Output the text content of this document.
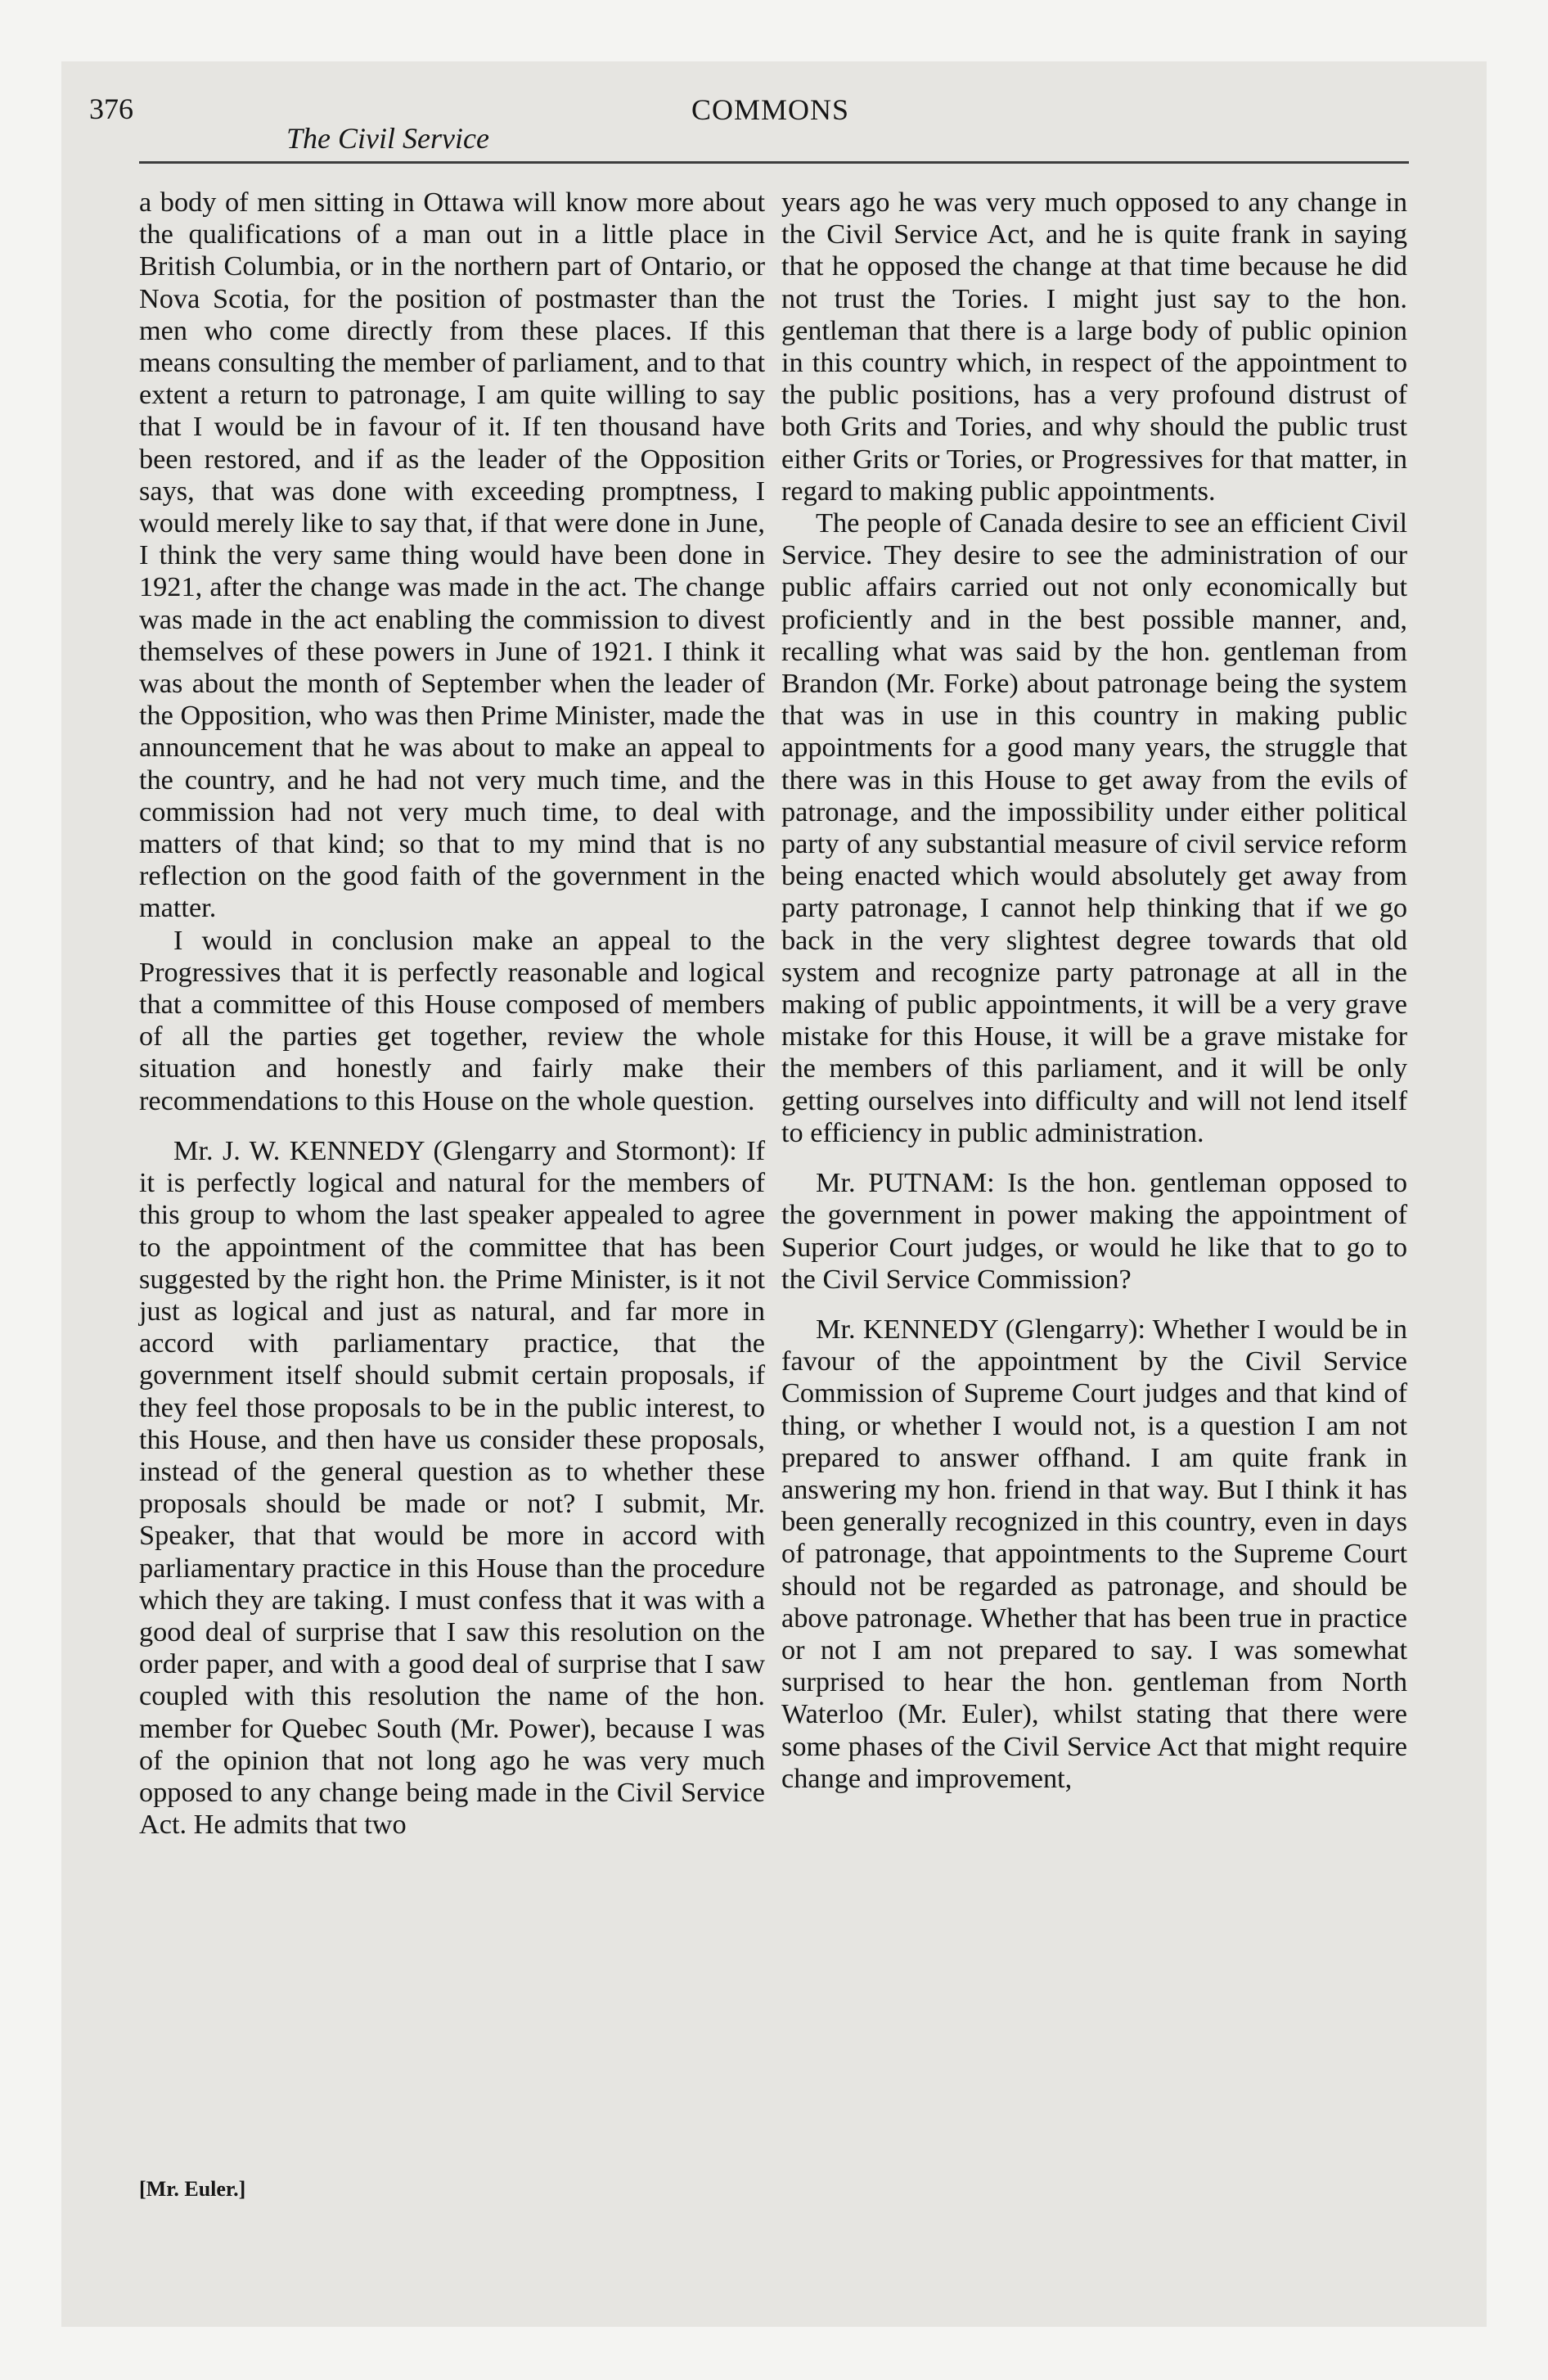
376
The Civil Service
COMMONS

a body of men sitting in Ottawa will know more about the qualifications of a man out in a little place in British Columbia, or in the northern part of Ontario, or Nova Scotia, for the position of postmaster than the men who come directly from these places. If this means consulting the member of parliament, and to that extent a return to patronage, I am quite willing to say that I would be in favour of it. If ten thousand have been restored, and if as the leader of the Opposition says, that was done with exceeding promptness, I would merely like to say that, if that were done in June, I think the very same thing would have been done in 1921, after the change was made in the act. The change was made in the act enabling the commission to divest themselves of these powers in June of 1921. I think it was about the month of September when the leader of the Opposition, who was then Prime Minister, made the announcement that he was about to make an appeal to the country, and he had not very much time, and the commission had not very much time, to deal with matters of that kind; so that to my mind that is no reflection on the good faith of the government in the matter.

I would in conclusion make an appeal to the Progressives that it is perfectly reasonable and logical that a committee of this House composed of members of all the parties get together, review the whole situation and honestly and fairly make their recommendations to this House on the whole question.

Mr. J. W. KENNEDY (Glengarry and Stormont): If it is perfectly logical and natural for the members of this group to whom the last speaker appealed to agree to the appointment of the committee that has been suggested by the right hon. the Prime Minister, is it not just as logical and just as natural, and far more in accord with parliamentary practice, that the government itself should submit certain proposals, if they feel those proposals to be in the public interest, to this House, and then have us consider these proposals, instead of the general question as to whether these proposals should be made or not? I submit, Mr. Speaker, that that would be more in accord with parliamentary practice in this House than the procedure which they are taking. I must confess that it was with a good deal of surprise that I saw this resolution on the order paper, and with a good deal of surprise that I saw coupled with this resolution the name of the hon. member for Quebec South (Mr. Power), because I was of the opinion that not long ago he was very much opposed to any change being made in the Civil Service Act. He admits that two

years ago he was very much opposed to any change in the Civil Service Act, and he is quite frank in saying that he opposed the change at that time because he did not trust the Tories. I might just say to the hon. gentleman that there is a large body of public opinion in this country which, in respect of the appointment to the public positions, has a very profound distrust of both Grits and Tories, and why should the public trust either Grits or Tories, or Progressives for that matter, in regard to making public appointments.

The people of Canada desire to see an efficient Civil Service. They desire to see the administration of our public affairs carried out not only economically but proficiently and in the best possible manner, and, recalling what was said by the hon. gentleman from Brandon (Mr. Forke) about patronage being the system that was in use in this country in making public appointments for a good many years, the struggle that there was in this House to get away from the evils of patronage, and the impossibility under either political party of any substantial measure of civil service reform being enacted which would absolutely get away from party patronage, I cannot help thinking that if we go back in the very slightest degree towards that old system and recognize party patronage at all in the making of public appointments, it will be a very grave mistake for this House, it will be a grave mistake for the members of this parliament, and it will be only getting ourselves into difficulty and will not lend itself to efficiency in public administration.

Mr. PUTNAM: Is the hon. gentleman opposed to the government in power making the appointment of Superior Court judges, or would he like that to go to the Civil Service Commission?

Mr. KENNEDY (Glengarry): Whether I would be in favour of the appointment by the Civil Service Commission of Supreme Court judges and that kind of thing, or whether I would not, is a question I am not prepared to answer offhand. I am quite frank in answering my hon. friend in that way. But I think it has been generally recognized in this country, even in days of patronage, that appointments to the Supreme Court should not be regarded as patronage, and should be above patronage. Whether that has been true in practice or not I am not prepared to say. I was somewhat surprised to hear the hon. gentleman from North Waterloo (Mr. Euler), whilst stating that there were some phases of the Civil Service Act that might require change and improvement,

[Mr. Euler.]
